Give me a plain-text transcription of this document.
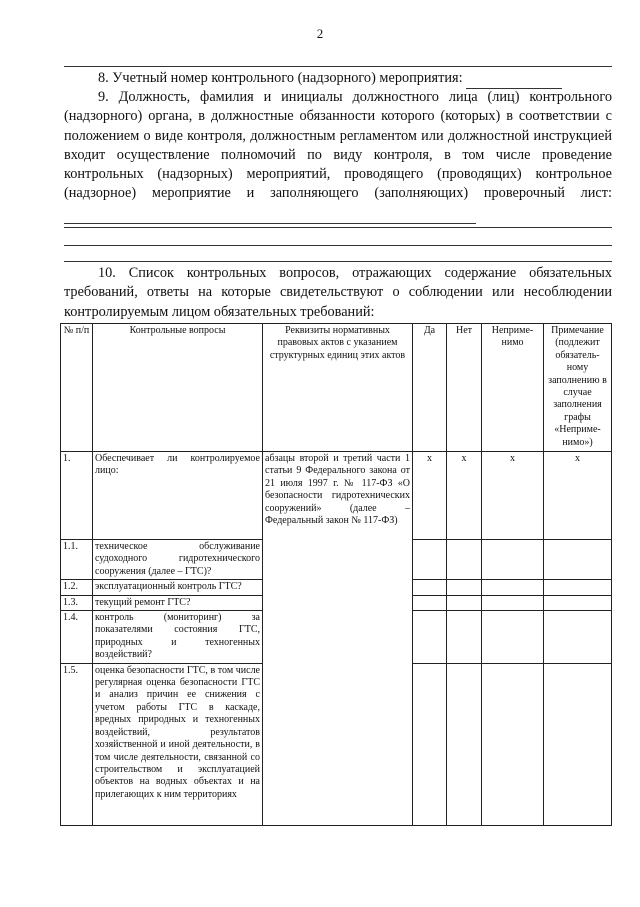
2
8. Учетный номер контрольного (надзорного) мероприятия:
9. Должность, фамилия и инициалы должностного лица (лиц) контрольного (надзорного) органа, в должностные обязанности которого (которых) в соответствии с положением о виде контроля, должностным регламентом или должностной инструкцией входит осуществление полномочий по виду контроля, в том числе проведение контрольных (надзорных) мероприятий, проводящего (проводящих) контрольное (надзорное) мероприятие и заполняющего (заполняющих) проверочный лист:
10. Список контрольных вопросов, отражающих содержание обязательных требований, ответы на которые свидетельствуют о соблюдении или несоблюдении контролируемым лицом обязательных требований:
№ п/п	Контрольные вопросы	Реквизиты нормативных правовых актов с указанием структурных единиц этих актов	Да	Нет	Неприме-нимо	Примечание (подлежит обязатель-ному заполнению в случае заполнения графы «Неприме-нимо»)
1.	Обеспечивает ли контролируемое лицо:	абзацы второй и третий части 1 статьи 9 Федерального закона от 21 июля 1997 г. № 117-ФЗ «О безопасности гидротехнических сооружений» (далее – Федеральный закон № 117-ФЗ)	x	x	x	x
1.1.	техническое обслуживание судоходного гидротехнического сооружения (далее – ГТС)?					
1.2.	эксплуатационный контроль ГТС?					
1.3.	текущий ремонт ГТС?					
1.4.	контроль (мониторинг) за показателями состояния ГТС, природных и техногенных воздействий?					
1.5.	оценка безопасности ГТС, в том числе регулярная оценка безопасности ГТС и анализ причин ее снижения с учетом работы ГТС в каскаде, вредных природных и техногенных воздействий, результатов хозяйственной и иной деятельности, в том числе деятельности, связанной со строительством и эксплуатацией объектов на водных объектах и на прилегающих к ним территориях					
